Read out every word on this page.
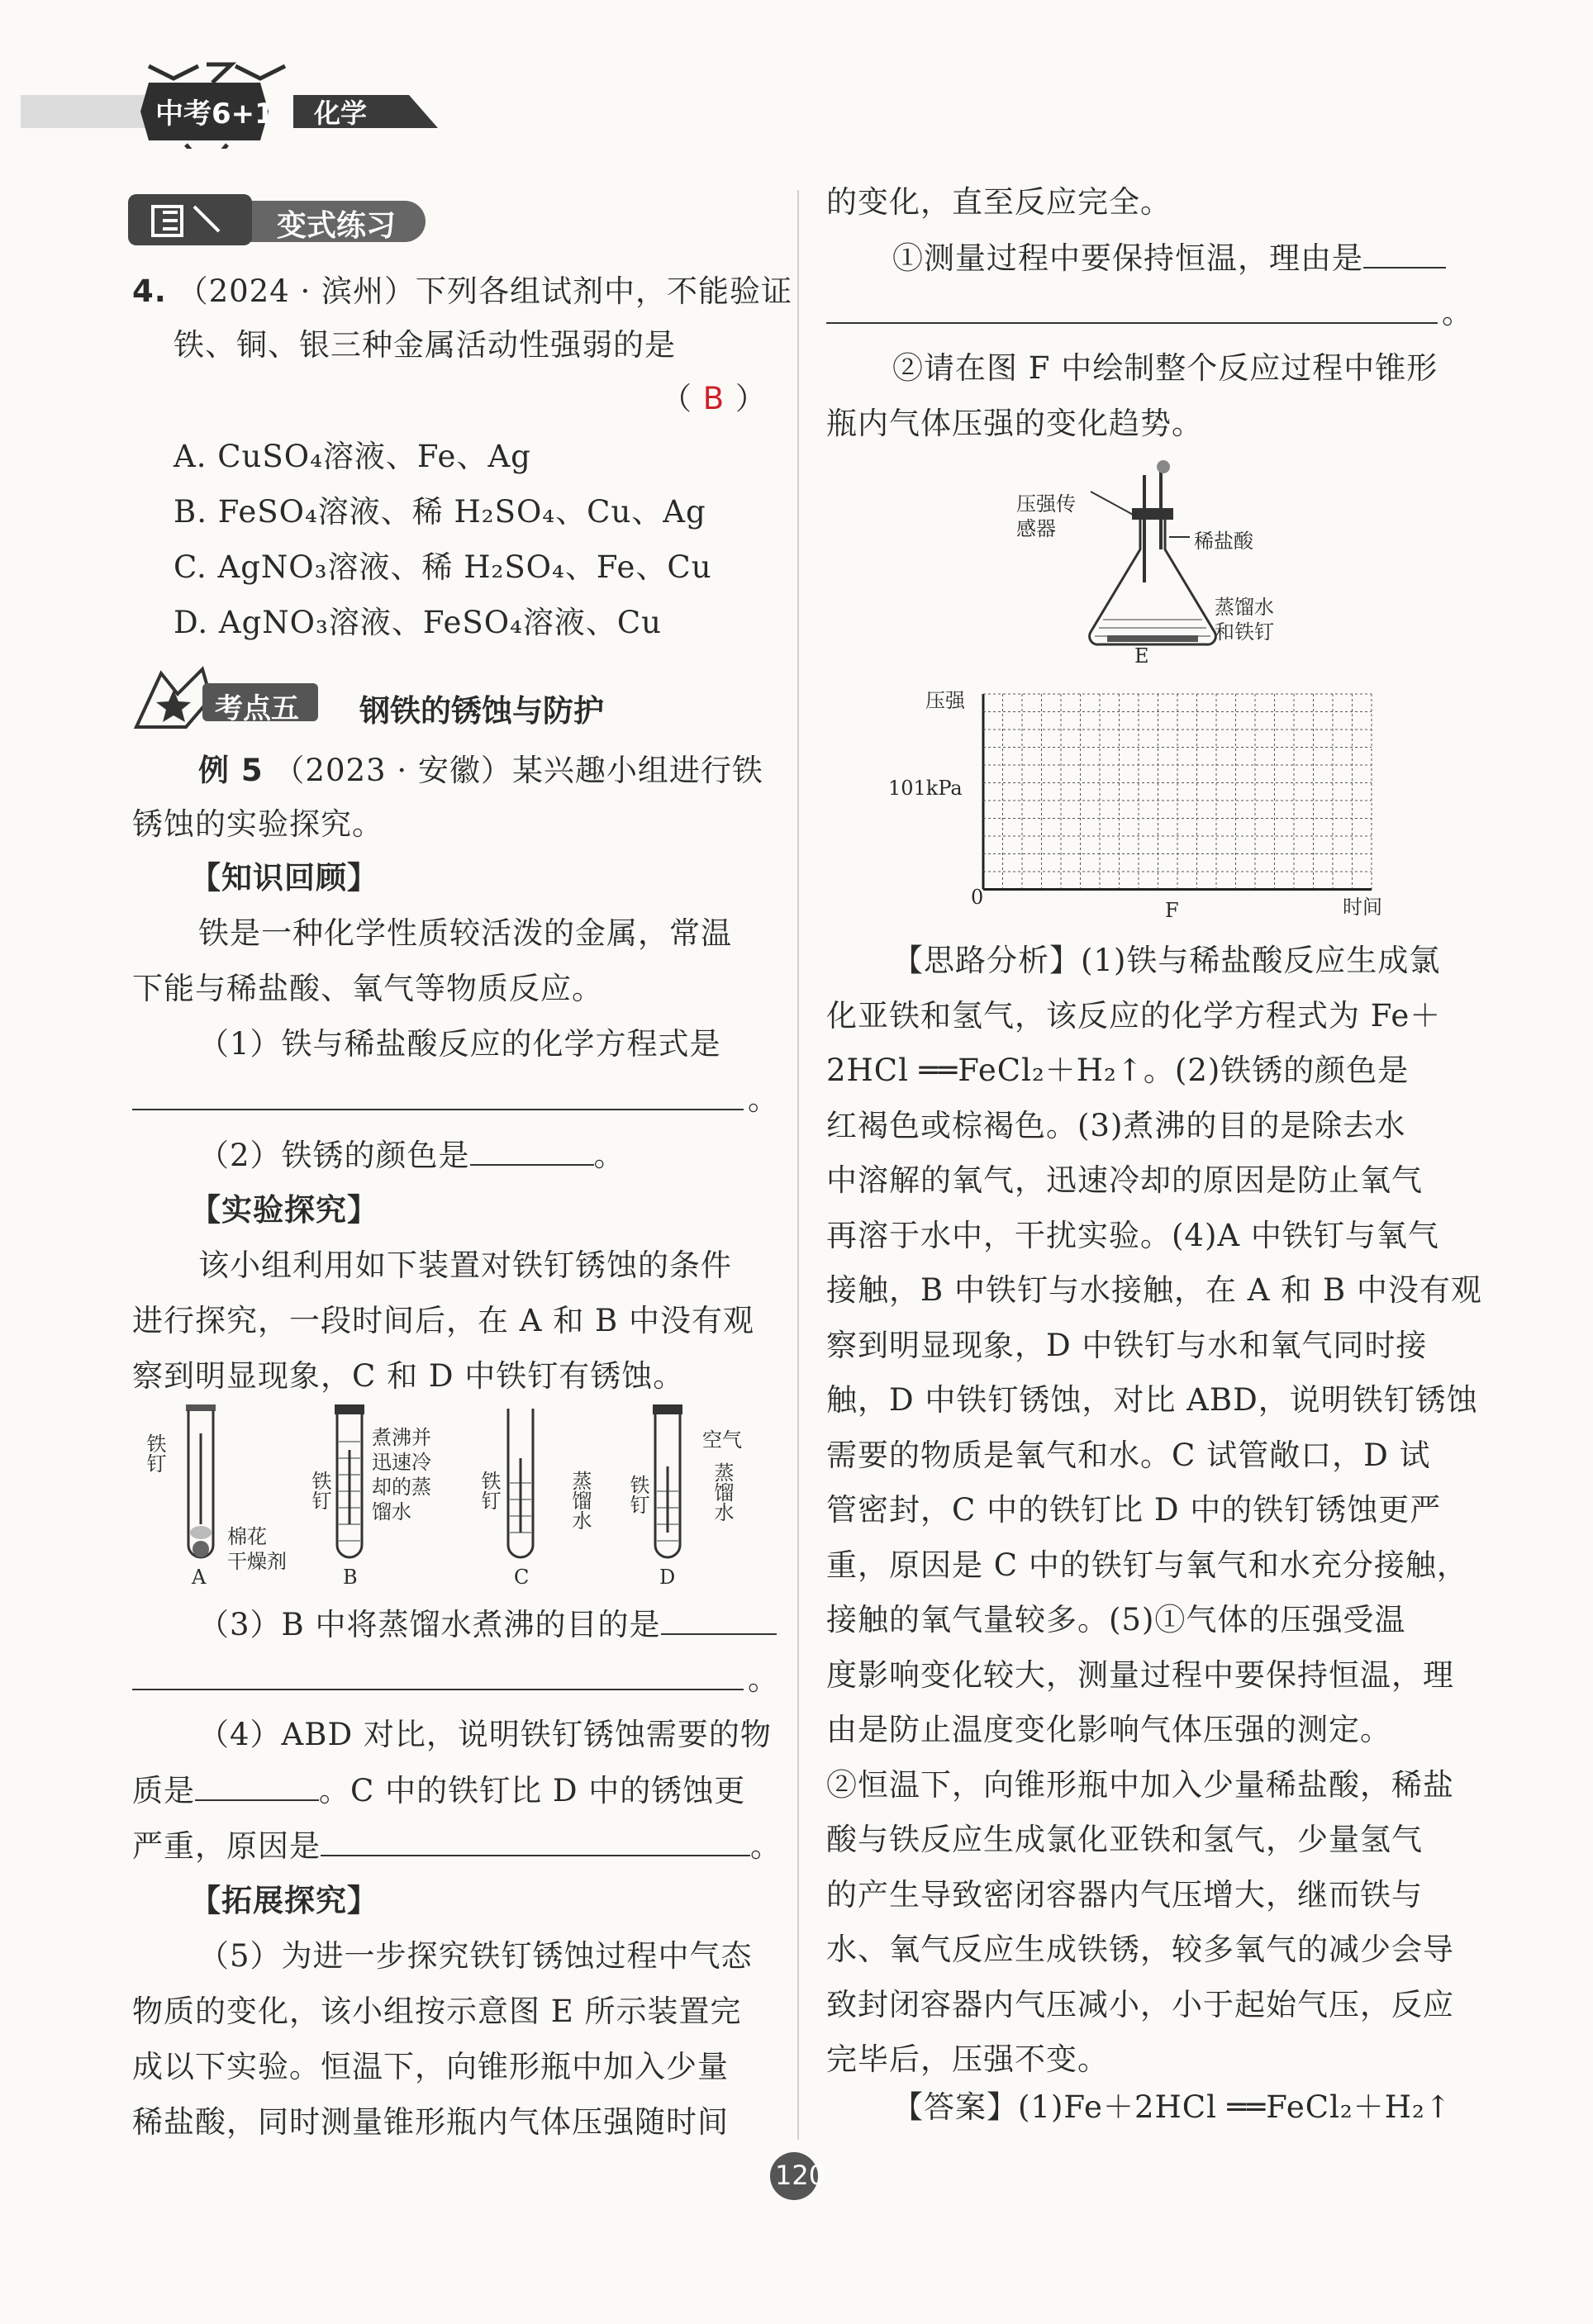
中考6+1 化学
变式练习
4. （2024 · 滨州）下列各组试剂中，不能验证
铁、铜、银三种金属活动性强弱的是
（ B ）
A. CuSO₄溶液、Fe、Ag
B. FeSO₄溶液、稀 H₂SO₄、Cu、Ag
C. AgNO₃溶液、稀 H₂SO₄、Fe、Cu
D. AgNO₃溶液、FeSO₄溶液、Cu
考点五 钢铁的锈蚀与防护
例 5 （2023 · 安徽）某兴趣小组进行铁
锈蚀的实验探究。
【知识回顾】
铁是一种化学性质较活泼的金属，常温
下能与稀盐酸、氧气等物质反应。
（1）铁与稀盐酸反应的化学方程式是
。
（2）铁锈的颜色是	。
【实验探究】
该小组利用如下装置对铁钉锈蚀的条件
进行探究，一段时间后，在 A 和 B 中没有观
察到明显现象，C 和 D 中铁钉有锈蚀。
铁钉
棉花
干燥剂
A
铁钉
煮沸并迅速冷却的蒸馏水
B
铁钉	蒸馏水
C
铁钉
空气
蒸馏水
D
（3）B 中将蒸馏水煮沸的目的是
。
（4）ABD 对比，说明铁钉锈蚀需要的物
质是	。C 中的铁钉比 D 中的锈蚀更
严重，原因是	。
【拓展探究】
（5）为进一步探究铁钉锈蚀过程中气态
物质的变化，该小组按示意图 E 所示装置完
成以下实验。恒温下，向锥形瓶中加入少量
稀盐酸，同时测量锥形瓶内气体压强随时间
的变化，直至反应完全。
①测量过程中要保持恒温，理由是
。
②请在图 F 中绘制整个反应过程中锥形
瓶内气体压强的变化趋势。
压强传感器
稀盐酸
蒸馏水和铁钉
E
压强
101kPa
0	时间
F
【思路分析】(1)铁与稀盐酸反应生成氯
化亚铁和氢气，该反应的化学方程式为 Fe＋
2HCl ══FeCl₂＋H₂↑。(2)铁锈的颜色是
红褐色或棕褐色。(3)煮沸的目的是除去水
中溶解的氧气，迅速冷却的原因是防止氧气
再溶于水中，干扰实验。(4)A 中铁钉与氧气
接触，B 中铁钉与水接触，在 A 和 B 中没有观
察到明显现象，D 中铁钉与水和氧气同时接
触，D 中铁钉锈蚀，对比 ABD，说明铁钉锈蚀
需要的物质是氧气和水。C 试管敞口，D 试
管密封，C 中的铁钉比 D 中的铁钉锈蚀更严
重，原因是 C 中的铁钉与氧气和水充分接触，
接触的氧气量较多。(5)①气体的压强受温
度影响变化较大，测量过程中要保持恒温，理
由是防止温度变化影响气体压强的测定。
②恒温下，向锥形瓶中加入少量稀盐酸，稀盐
酸与铁反应生成氯化亚铁和氢气，少量氢气
的产生导致密闭容器内气压增大，继而铁与
水、氧气反应生成铁锈，较多氧气的减少会导
致封闭容器内气压减小，小于起始气压，反应
完毕后，压强不变。
【答案】(1)Fe＋2HCl ══FeCl₂＋H₂↑
120
